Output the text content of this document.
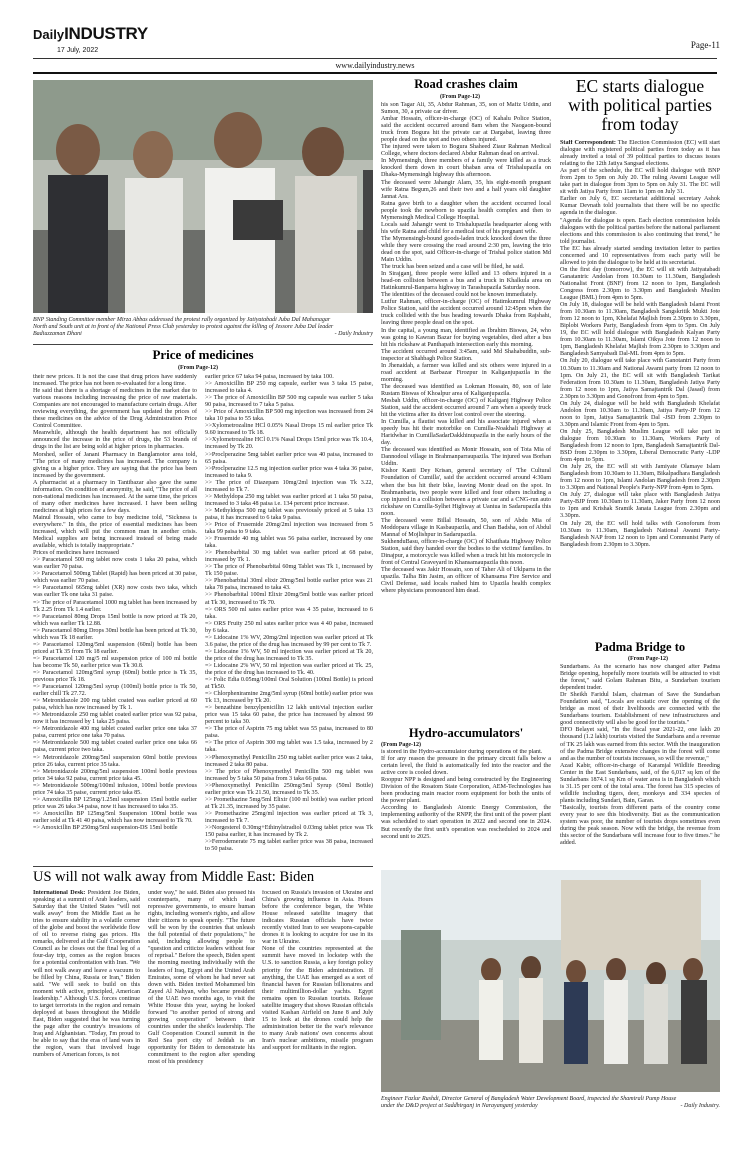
DailyINDUSTRY
17 July, 2022
Page-11
www.dailyindustry.news
BNP Standing Committee member Mirza Abbas addressed the protest rally organized by Jatiyatabadi Juba Dal Mahanagar
North and South unit at in front of the National Press Club yesterday to protest against the killing of Jessore Juba Dal leader
Badiuzzaman Dhani	- Daily Industry
Price of medicines
(From Page-12)

their new prices. It is not the case that drug prices have suddenly increased. The price has not been re-evaluated for a long time.

He said that there is a shortage of medicines in the market due to various reasons including increasing the price of raw materials. Companies are not encouraged to manufacture certain drugs. After reviewing everything, the government has updated the prices of these medicines on the advice of the Drug Administration Price Control Committee.

Meanwhile, although the health department has not officially announced the increase in the price of drugs, the 53 brands of drugs in the list are being sold at higher prices in pharmacies.

Morshed, seller of Janani Pharmacy in Banglamotor area told, "The price of many medicines has increased. The company is giving us a higher price. They are saying that the price has been increased by the government.

A pharmacist at a pharmacy in Tantibazar also gave the same information. On condition of anonymity, he said, "The price of all non-national medicines has increased. At the same time, the prices of many other medicines have increased. I have been selling medicines at high prices for a few days.

Mainul Hossain, who came to buy medicine told, "Sickness is everywhere." In this, the price of essential medicines has been increased, which will put the common man in another crisis. Medical supplies are being increased instead of being made available, which is totally inappropriate."

Prices of medicines have increased

>> Paracetamol 500 mg tablet now costs 1 taka 20 paisa, which was earlier 70 paisa.

>> Paracetamol 500mg Tablet (Rapid) has been priced at 30 paise, which was earlier 70 paise.

=> Paracetamol 665mg tablet (XR) now costs two taka, which was earlier Tk one taka 31 paise.

=> The price of Paracetamol 1000 mg tablet has been increased by Tk 2.25 from Tk 1.4 earlier.

=> Paracetamol 80mg Drops 15ml bottle is now priced at Tk 20, which was earlier Tk 12.88.

=> Paracetamol 80mg Drops 30ml bottle has been priced at Tk 30, which was Tk 18 earlier.

=> Paracetamol 120mg/5ml suspension (60ml) bottle has been priced at Tk 35 from Tk 18 earlier.

=> Paracetamol 120 mg/5 ml suspension price of 100 ml bottle has become Tk 50, earlier price was Tk 30.8.

=> Paracetamol 120mg/5ml syrup (60ml) bottle price is Tk 35, previous price Tk 18.

=> Paracetamol 120mg/5ml syrup (100ml) bottle price is Tk 50, earlier chill Tk 27.72.

=> Metronidazole 200 mg tablet coated was earlier priced at 60 paisa, which has now increased by Tk 1.

=> Metronidazole 250 mg tablet coated earlier price was 92 paisa, now it has increased by 1 taka 25 paisa.

=> Metronidazole 400 mg tablet coated earlier price one taka 37 paisa, current price one taka 70 paisa.

=> Metronidazole 500 mg tablet coated earlier price one taka 66 paisa, current price two taka.

=> Metronidazole 200mg/5ml suspension 60ml bottle previous price 26 taka, current price 35 taka.

=> Metronidazole 200mg/5ml suspension 100ml bottle previous price 34 taka 92 paisa, current price taka 45.

=> Metronidazole 500mg/100ml infusion, 100ml bottle previous price 74 taka 35 paise, current price taka 85.

=> Amoxicillin BP 125mg/1.25ml suspension 15ml bottle earlier price was 26 taka 34 paisa, now it has increased to taka 35.

=> Amoxicillin BP 125mg/5ml Suspension 100ml bottle was earlier sold at Tk 41 40 paisa, which has now increased to Tk 70.

=> Amoxicillin BP 250mg/5ml suspension-DS 15ml bottle

earlier price 67 taka 94 paisa, increased by taka 100.

>> Amoxicillin BP 250 mg capsule, earlier was 3 taka 15 paise, increased to taka 4.

>> The price of Amoxicillin BP 500 mg capsule was earlier 5 taka 90 paisa, increased to 7 taka 5 paisa.

>> Price of Amoxicillin BP 500 mg injection was increased from 24 taka 10 paisa to 55 taka.

>>Xylometrozaline HCl 0.05% Nasal Drops 15 ml earlier price Tk 9.60 increased to Tk 18.

>>Xylometrozaline HCl 0.1% Nasal Drops 15ml price was Tk 10.4, increased by Tk 20.

>>Proclperazine 5mg tablet earlier price was 40 paisa, increased to 65 paisa.

>>Proclperazine 12.5 mg injection earlier price was 4 taka 36 paise, increased to taka 9.

>> The price of Diazepam 10mg/2ml injection was Tk 3.22, increased to Tk 7.

>> Methyldopa 250 mg tablet was earlier priced at 1 taka 50 paisa, increased to 3 taka 48 paisa i.e. 134 percent price increase.

>> Methyldopa 500 mg tablet was previously priced at 5 taka 13 paisa, it has increased to 6 taka 9 paisa.

>> Price of Frusemide 20mg/2ml injection was increased from 5 taka 99 paisa to 9 taka.

>> Frusemide 40 mg tablet was 56 paisa earlier, increased by one taka.

>> Phenobarbital 30 mg tablet was earlier priced at 68 paise, increased by Tk 1.

>> The price of Phenobarbital 60mg Tablet was Tk 1, increased by Tk 150 paise.

>> Phenobarbital 30ml elixir 20mg/5ml bottle earlier price was 21 taka 78 paisa, increased to taka 43.

>> Phenobarbital 100ml Elixir 20mg/5ml bottle was earlier priced at Tk 30, increased to Tk 70.

=> ORS 500 ml sates earlier price was 4 35 paise, increased to 6 taka.

=> ORS Fruity 250 ml sates earlier price was 4 40 paise, increased by 6 taka.

=> Lidocaine 1% WV, 20mg/2ml injection was earlier priced at Tk 3.6 paise, the price of the drug has increased by 99 per cent to Tk 7.

=> Lidocaine 1% WV, 50 ml injection was earlier priced at Tk 20, the price of the drug has increased to Tk 35.

=> Lidocaine 2% WV, 50 ml injection was earlier priced at Tk. 25, the price of the drug has increased to Tk. 40.

=> Folic Edia 0.05mg/100ml Oral Solution (100ml Bottle) is priced at Tk50.

=> Chlorpheniramine 2mg/5ml syrup (60ml bottle) earlier price was Tk 13, increased by Tk 20.

=> benzathine benzylpenicillin 12 lakh unit/vial injection earlier price was 15 taka 60 paise, the price has increased by almost 99 percent to taka 30.

=> The price of Aspirin 75 mg tablet was 55 paisa, increased to 80 paisa.

=> The price of Aspirin 300 mg tablet was 1.5 taka, increased by 2 taka.

>>Phenoxymethyl Penicillin 250 mg tablet earlier price was 2 taka, increased 2 taka 80 paisa.

>> The price of Phenoxymethyl Penicillin 500 mg tablet was increased by 5 taka 50 paisa from 3 taka 66 paisa.

>>Phenoxymethyl Penicillin 250mg/5ml Syrup (50ml Bottle) earlier price was Tk 21.50, increased to Tk 35.

>> Promethazine 5mg/5ml Elixir (100 ml bottle) was earlier priced at Tk 21.35, increased by 35 paise.

>> Promethazine 25mg/ml injection was earlier priced at Tk 3, increased to Tk 7.

>>Norgesterel 0.30mg+Ethinylstradiol 0.03mg tablet price was Tk 150 paisa earlier, it has increased by Tk 2.

>>Ferrodemerate 75 mg tablet earlier price was 38 paisa, increased to 50 paisa.

Road crashes claim
(From Page-12)

his son Tagar Ali, 35, Abdur Rahman, 35, son of Mafiz Uddin, and Sumon, 30, a private car driver.

Ambar Hossain, officer-in-charge (OC) of Kahalu Police Station, said the accident occurred around 8am when the Naogaon-bound truck from Bogura hit the private car at Dargabat, leaving three people dead on the spot and two others injured.

The injured were taken to Bogura Shaheed Ziaur Rahman Medical College, where doctors declared Abdur Rahman dead on arrival.

In Mymensingh, three members of a family were killed as a truck knocked them down in court bhaban area of Trishalupazila on Dhaka-Mymensingh highway this afternoon.

The deceased were Jahangir Alam, 35, his eight-month pregnant wife Ratna Begum,26 and their two and a half years old daughter Jannat Ara.

Ratna gave birth to a daughter when the accident occurred local people took the newborn to upazila health complex and then to Mymensingh Medical College Hospital.

Locals said Jahangir went to Trishalupazila headquarter along with his wife Ratna and child for a medical test of his pregnant wife.

The Mymensingh-bound goods-laden truck knocked down the three while they were crossing the road around 2:30 pm, leaving the trio dead on the spot, said Officer-in-charge of Trishal police station Md Main Uddin.

The truck has been seized and a case will be filed, he said.

In Sirajganj, three people were killed and 13 others injured in a head-on collision between a bus and a truck in Khalkula area on Hatinkumrul-Banparra highway in Tarashupazila Saturday noon.

The identities of the deceased could not be known immediately.

Lutfur Rahman, officer-in-charge (OC) of Hatimkumrul Highway Police Station, said the accident occurred around 12:45pm when the truck collided with the bus heading towards Dhaka from Rajshahi, leaving three people dead on the spot.

In the capital, a young man, identified as Ibrahim Biswas, 24, who was going to Kawran Bazar for buying vegetables, died after a bus hit his rickshaw at Panthapath intersection early this morning.

The accident occurred around 3:45am, said Md Shahabuddin, sub-inspector at Shahbagh Police Station.

In Jhenaidah, a farmer was killed and six others were injured in a road accident at Barbazar Firozpur in Kaliganjupazila in the morning.

The deceased was identified as Lokman Hossain, 80, son of late Rustam Biswas of Khoalpur area of Kaliganjupazila.

Mesbah Uddin, officer-in-charge (OC) of Kaliganj Highway Police Station, said the accident occurred around 7 am when a speedy truck hit the victims after its driver lost control over the steering.

In Cumilla, a flautist was killed and his associate injured when a speedy bus hit their motorbike on Cumilla-Noakhali Highway at Haridwhar in CumillaSadarDakkhinupazila in the early hours of the day.

The deceased was identified as Monir Hossain, son of Tota Mia of Dannodoul village in Brahmanparraupazila. The injured was Borhan Uddin.

Kishor Kanti Dey Krisan, general secretary of 'The Cultural Foundation of Cumilla', said the accident occurred around 4:30am when the bus hit their bike, leaving Monir dead on the spot. In Brahmanbaria, two people were killed and four others including a cop injured in a collision between a private car and a CNG-run auto rickshaw on Cumilla-Sylhet Highway at Uaniua in Sadarupazila this noon.

The deceased were Billal Hossain, 50, son of Abdu Mia of Moddopara village in Kasbaupazila, and Chan Badsha, son of Abdul Mannaf of Mojlishpur in Sadarupazila.

SukhenduBasu, officer-in-charge (OC) of Khatihata Highway Police Station, said they handed over the bodies to the victims' families. In Dinajpur, a motorcycle was killed when a truck hit his motorcycle in front of Central Graveyard in Khansamaupazila this noon.

The deceased was Jakir Hossain, son of Taher Ali of Uklparra in the upazila. Talha Bin Jasim, an officer of Khansama Fire Service and Civil Defense, said locals rushed him to Upazila health complex where physicians pronounced him dead.

Hydro-accumulators'
(From Page-12)

is stored in the Hydro-accumulator during operations of the plant.

If for any reason the pressure in the primary circuit falls below a certain level, the fluid is automatically fed into the reactor and the active core is cooled down.

Rooppur NPP is designed and being constructed by the Engineering Division of the Rosatom State Corporation, AEM-Technologies has been producing main reactor room equipment for both the units of the power plant.

According to Bangladesh Atomic Energy Commission, the implementing authority of the RNPP, the first unit of the power plant was scheduled to start operation in 2022 and second one in 2024. But recently the first unit's operation was rescheduled to 2024 and second unit to 2025.

EC starts dialogue
with political parties
from today
Staff Correspondent: The Election Commission (EC) will start dialogue with registered political parties from today as it has already invited a total of 39 political parties to discuss issues relating to the 12th Jatiya Sangsad elections.

As part of the schedule, the EC will hold dialogue with BNP from 2pm to 5pm on July 20. The ruling Awami League will take part in dialogue from 3pm to 5pm on July 31. The EC will sit with Jatiya Party from 11am to 1pm on July 31.

Earlier on July 6, EC secretariat additional secretary Ashok Kumar Devnath told journalists that there will be no specific agenda in the dialogue.

"Agenda for dialogue is open. Each election commission holds dialogues with the political parties before the national parliament elections and this commission is also continuing that trend," he told journalist.

The EC has already started sending invitation letter to parties concerned and 10 representatives from each party will be allowed to join the dialogue to be held at its secretariat.

On the first day (tomorrow), the EC will sit with Jatiyatabadi Ganatantric Andolan from 10.30am to 11.30am, Bangladesh Nationalist Front (BNF) from 12 noon to 1pm, Bangladesh Congress from 2.30pm to 3.30pm and Bangladesh Muslim League (BML) from 4pm to 5pm.

On July 18, dialogue will be held with Bangladesh Islami Front from 10.30am to 11.30am, Bangladesh Sangskritik Mukti Jote from 12 noon to 1pm, Khelafat Majlish from 2.30pm to 3.30pm, Biplobi Workers Party, Bangladesh from 4pm to 5pm. On July 19, the EC will hold dialogue with Bangladesh Kalyan Party from 10.30am to 11.30am, Islami Oikya Jote from 12 noon to 1pm, Bangladesh Khelafat Majlish from 2.30pm to 3.30pm and Bangladesh Samyabadi Dal-ML from 4pm to 5pm.

On July 20, dialogue will take place with Ganotantri Party from 10.30am to 11.30am and National Awami party from 12 noon to 1pm. On July 21, the EC will sit with Bangladesh Tarikat Federation from 10.30am to 11.30am, Bangladesh Jatiya Party from 12 noon to 1pm, Jatiya Samajtantrik Dal (Jasad) from 2.30pm to 3.30pm and Gonofront from 4pm to 5pm.

On July 24, dialogue will be held with Bangladesh Khelafat Andolon from 10.30am to 11.30am, Jatiya Party-JP from 12 noon to 1pm, Jatiya Samajtantrik Dal -JSD from 2.30pm to 3.30pm and Islamic Front from 4pm to 5pm.

On July 25, Bangladesh Muslim League will take part in dialogue from 10.30am to 11.30am, Workers Party of Bangladesh from 12 noon to 1pm, Bangladesh Samajtantrik Dal-BSD from 2.30pm to 3.30pm, Liberal Democratic Party -LDP from 4pm to 5pm.

On July 26, the EC will sit with Jamiyate Olamaye Islam Bangladesh from 10.30am to 11.30am, Bikalpadhara Bangladesh from 12 noon to 1pm, Islami Andolan Bangladesh from 2.30pm to 3.30pm and National People's Party-NPP from 4pm to 5pm.

On July 27, dialogue will take place with Bangladesh Jatiya Party-BJP from 10.30am to 11.30am, Jaker Party from 12 noon to 1pm and Krishak Sramik Janata League from 2.30pm and 3.30pm.

On July 28, the EC will hold talks with Gonoforum from 10.30am to 11.30am, Bangladesh National Awami Party-Bangladesh NAP from 12 noon to 1pm and Communist Party of Bangladesh from 2.30pm to 3.30pm.

Padma Bridge to
(From Page-12)

Sundarbans. As the scenario has now changed after Padma Bridge opening, hopefully more tourists will be attracted to visit the forest," said Golam Rahman Bitu, a Sundarban tourism dependent trader.

Dr Sheikh Faridul Islam, chairman of Save the Sundarban Foundation said, "Locals are ecstatic over the opening of the bridge as most of their livelihoods are connected with the Sundarbans tourism. Establishment of new infrastructures and good connectivity will also be good for the tourists."

DFO Belayet said, "In the fiscal year 2021-22, one lakh 20 thousand (1.2 lakh) tourists visited the Sundarbans and a revenue of TK 25 lakh was earned from this sector. With the inauguration of the Padma Bridge extensive changes in the forest will come and as the number of tourists increases, so will the revenue,"

Azad Kabir, officer-in-charge of Karamjal Wildlife Breeding Center in the East Sundarbans, said, of the 6,017 sq km of the Sundarbans 1874.1 sq Km of water area is in Bangladesh which is 31.15 per cent of the total area. The forest has 315 species of wildlife including tigers, deer, monkeys and 334 species of plants including Sundari, Bain, Garan.

"Basically, tourists from different parts of the country come every year to see this biodiversity. But as the communication system was poor, the number of tourists drops sometimes even during the peak season. Now with the bridge, the revenue from this sector of the Sundarbans will increase four to five times." he added.

US will not walk away from Middle East: Biden
International Desk: President Joe Biden, speaking at a summit of Arab leaders, said Saturday that the United States "will not walk away" from the Middle East as he tries to ensure stability in a volatile corner of the globe and boost the worldwide flow of oil to reverse rising gas prices. His remarks, delivered at the Gulf Cooperation Council as he closes out the final leg of a four-day trip, comes as the region braces for a potential confrontation with Iran. "We will not walk away and leave a vacuum to be filled by China, Russia or Iran," Biden said. "We will seek to build on this moment with active, principled, American leadership." Although U.S. forces continue to target terrorists in the region and remain deployed at bases throughout the Middle East, Biden suggested that he was turning the page after the country's invasions of Iraq and Afghanistan. "Today, I'm proud to be able to say that the eras of land wars in the region, wars that involved huge numbers of American forces, is not

under way," he said. Biden also pressed his counterparts, many of which lead repressive governments, to ensure human rights, including women's rights, and allow their citizens to speak openly. "The future will be won by the countries that unleash the full potential of their populations," he said, including allowing people to "question and criticize leaders without fear of reprisal." Before the speech, Biden spent the morning meeting individually with the leaders of Iraq, Egypt and the United Arab Emirates, some of whom he had never sat down with. Biden invited Mohammed bin Zayed Al Nahyan, who became president of the UAE two months ago, to visit the White House this year, saying he looked forward "to another period of strong and growing cooperation" between their countries under the sheik's leadership. The Gulf Cooperation Council summit in the Red Sea port city of Jeddah is an opportunity for Biden to demonstrate his commitment to the region after spending most of his presidency

focused on Russia's invasion of Ukraine and China's growing influence in Asia. Hours before the conference began, the White House released satellite imagery that indicates Russian officials have twice recently visited Iran to see weapons-capable drones it is looking to acquire for use in its war in Ukraine.

None of the countries represented at the summit have moved in lockstep with the U.S. to sanction Russia, a key foreign policy priority for the Biden administration. If anything, the UAE has emerged as a sort of financial haven for Russian billionaires and their multimillion-dollar yachts. Egypt remains open to Russian tourists. Release satellite imagery that shows Russian officials visited Kashan Airfield on June 8 and July 15 to look at the drones could help the administration better tie the war's relevance to many Arab nations' own concerns about Iran's nuclear ambitions, missile program and support for militants in the region.

Engineer Fazlur Rushdi, Director General of Bangladesh Water Development Board, inspected the Shamirali Pump House
under the D&D project at Saddhirganj in Narayanganj yesterday	- Daily Industry.
